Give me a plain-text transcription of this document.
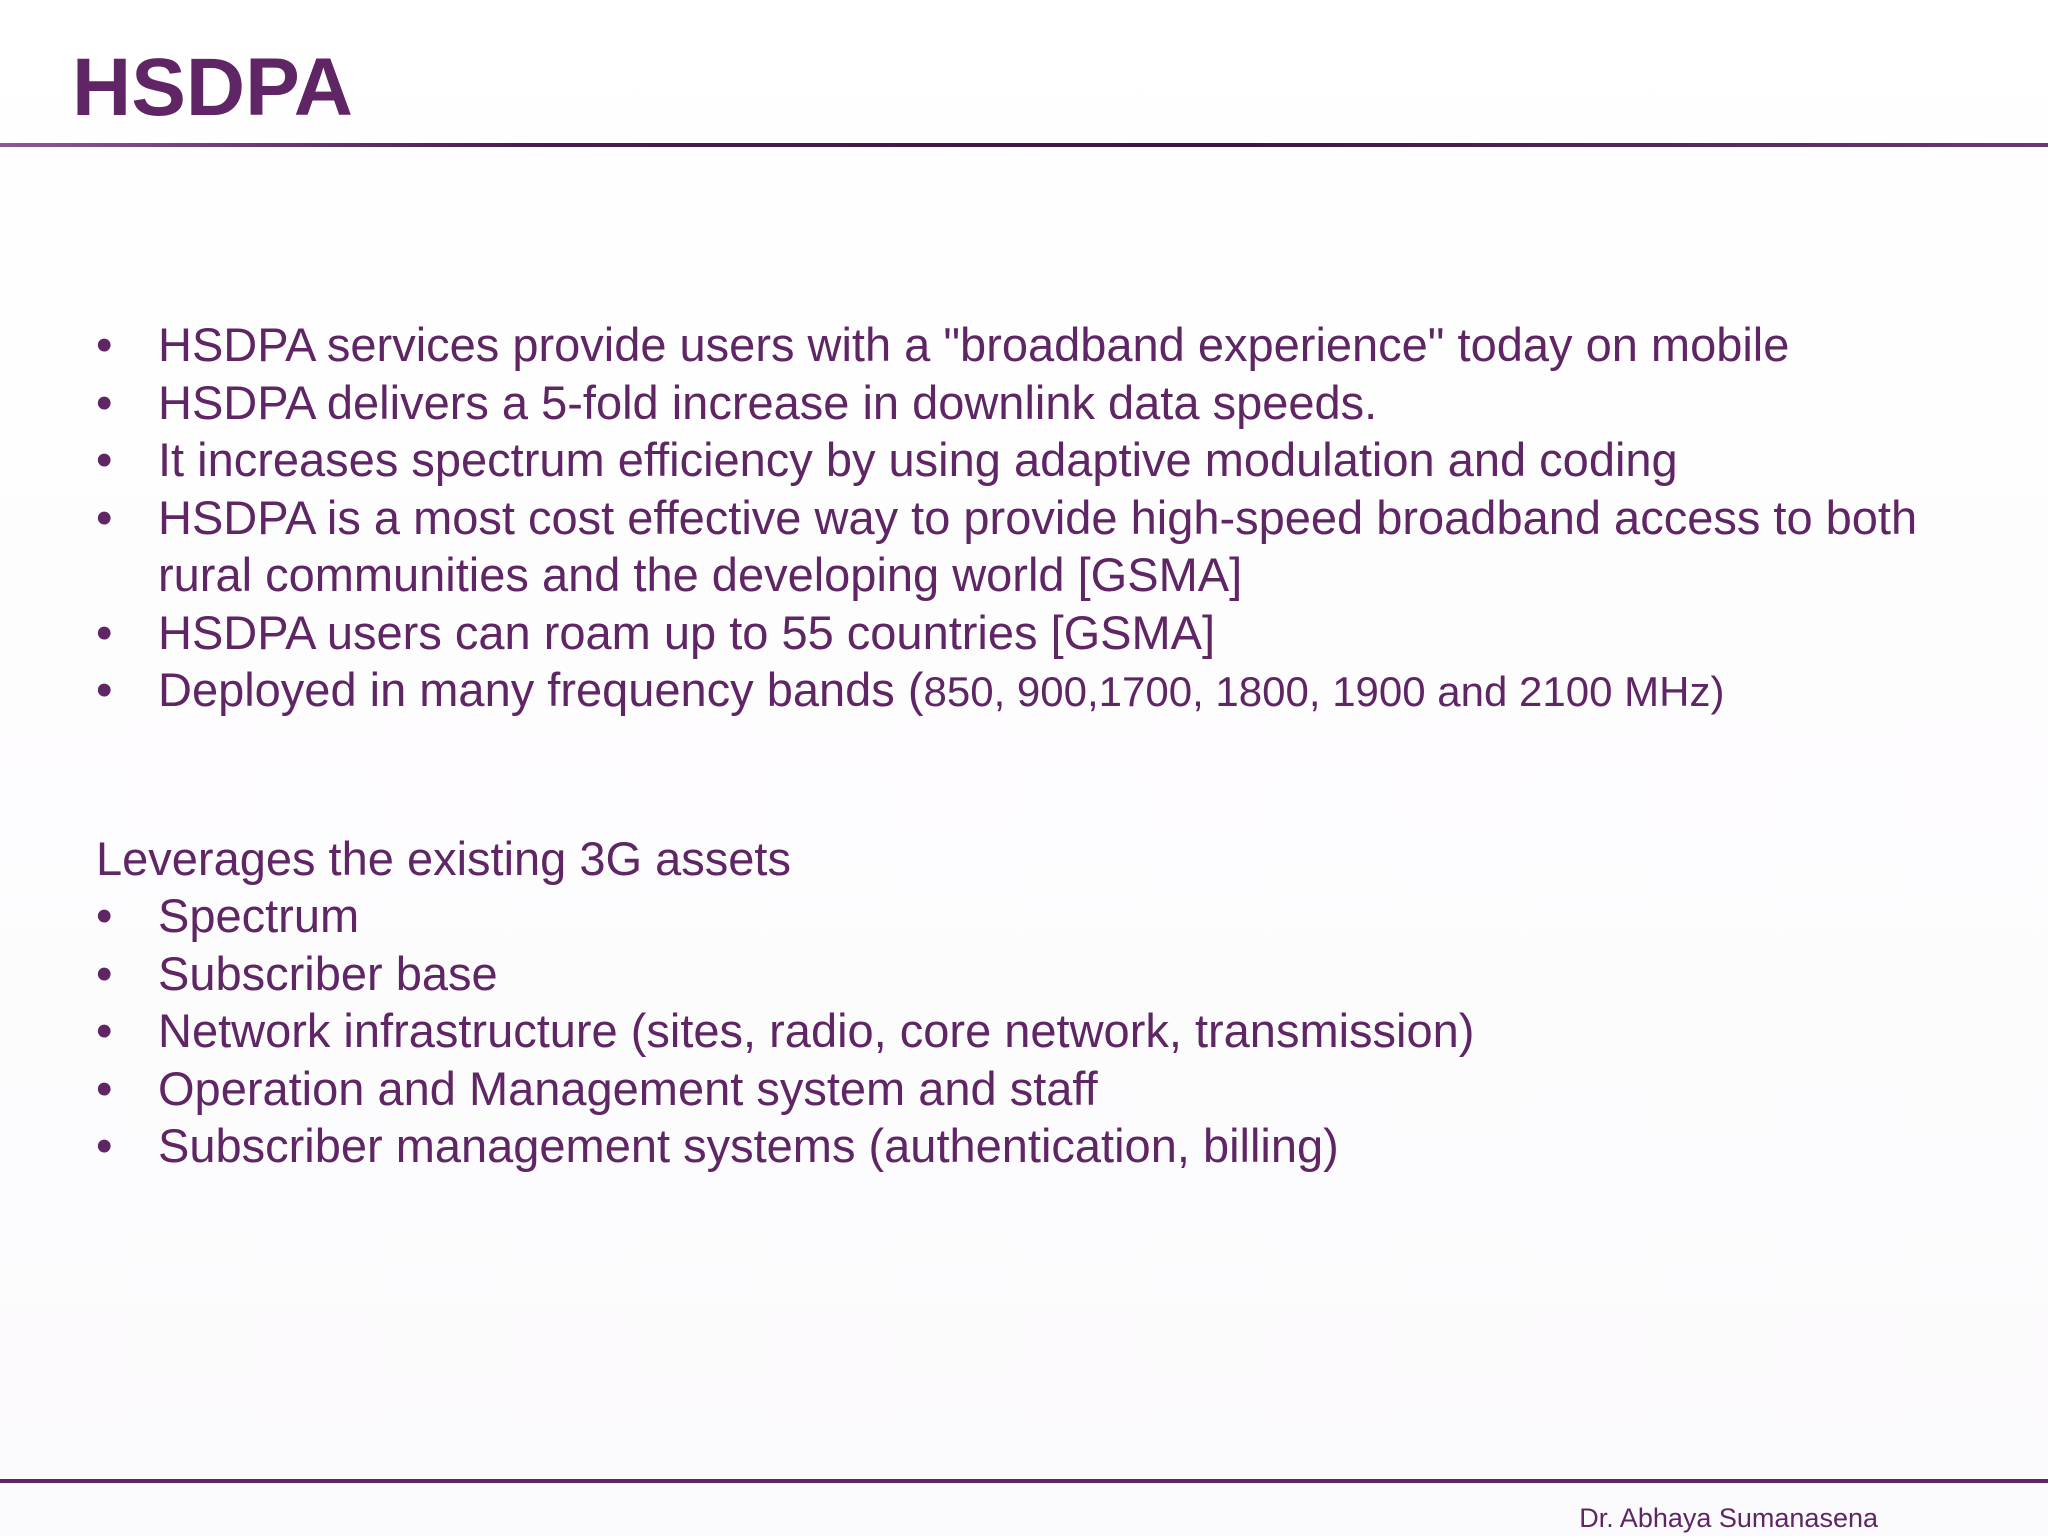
HSDPA
• HSDPA services provide users with a "broadband experience" today on mobile
• HSDPA delivers a 5-fold increase in downlink data speeds.
• It increases spectrum efficiency by using adaptive modulation and coding
• HSDPA is a most cost effective way to provide high-speed broadband access to both rural communities and the developing world [GSMA]
• HSDPA users can roam up to 55 countries [GSMA]
• Deployed in many frequency bands (850, 900,1700, 1800, 1900 and 2100 MHz)

Leverages the existing 3G assets

• Spectrum
• Subscriber base
• Network infrastructure (sites, radio, core network, transmission)
• Operation and Management system and staff
• Subscriber management systems (authentication, billing)
Dr. Abhaya Sumanasena
